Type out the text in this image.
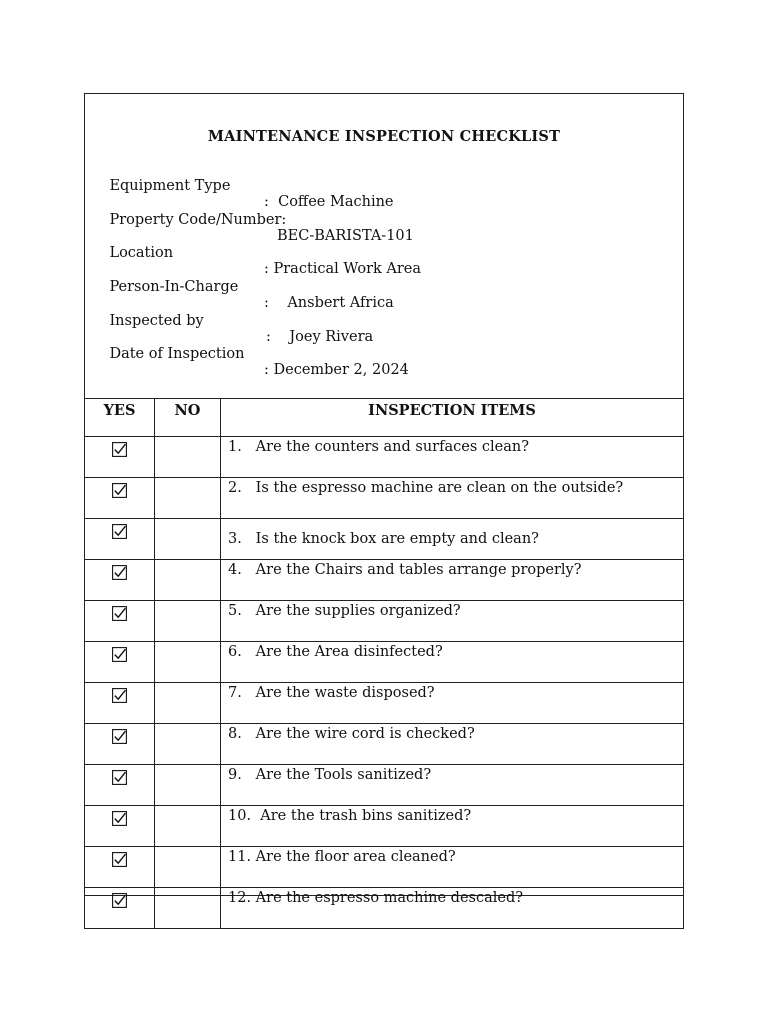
MAINTENANCE INSPECTION CHECKLIST

Equipment Type

:  Coffee Machine

Property Code/Number:

BEC-BARISTA-101

Location

: Practical Work Area

Person-In-Charge

:    Ansbert Africa

Inspected by

:    Joey Rivera

Date of Inspection

: December 2, 2024

YES	NO	INSPECTION ITEMS

		1.   Are the counters and surfaces clean?

		2.   Is the espresso machine are clean on the outside?

		3.   Is the knock box are empty and clean?

		4.   Are the Chairs and tables arrange properly?

		5.   Are the supplies organized?

		6.   Are the Area disinfected?

		7.   Are the waste disposed?

		8.   Are the wire cord is checked?

		9.   Are the Tools sanitized?

		10.  Are the trash bins sanitized?

		11. Are the floor area cleaned?

		12. Are the espresso machine descaled?
